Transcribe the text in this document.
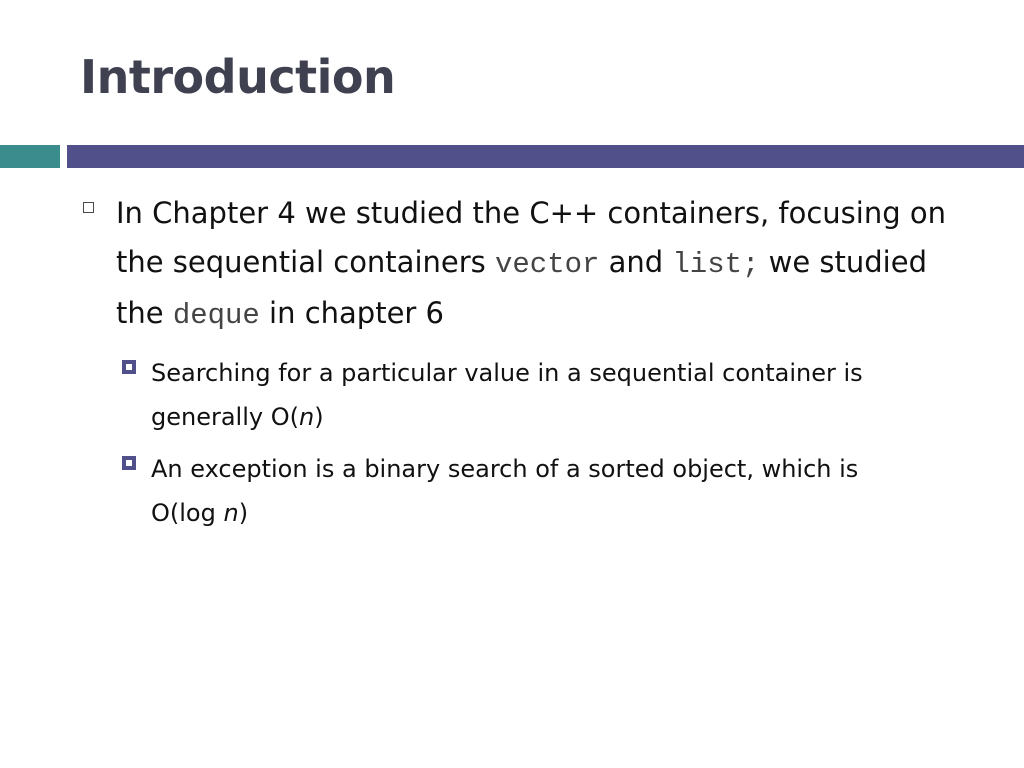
Introduction
In Chapter 4 we studied the C++ containers, focusing on the sequential containers vector and list; we studied the deque in chapter 6
Searching for a particular value in a sequential container is generally O(n)
An exception is a binary search of a sorted object, which is O(log n)
